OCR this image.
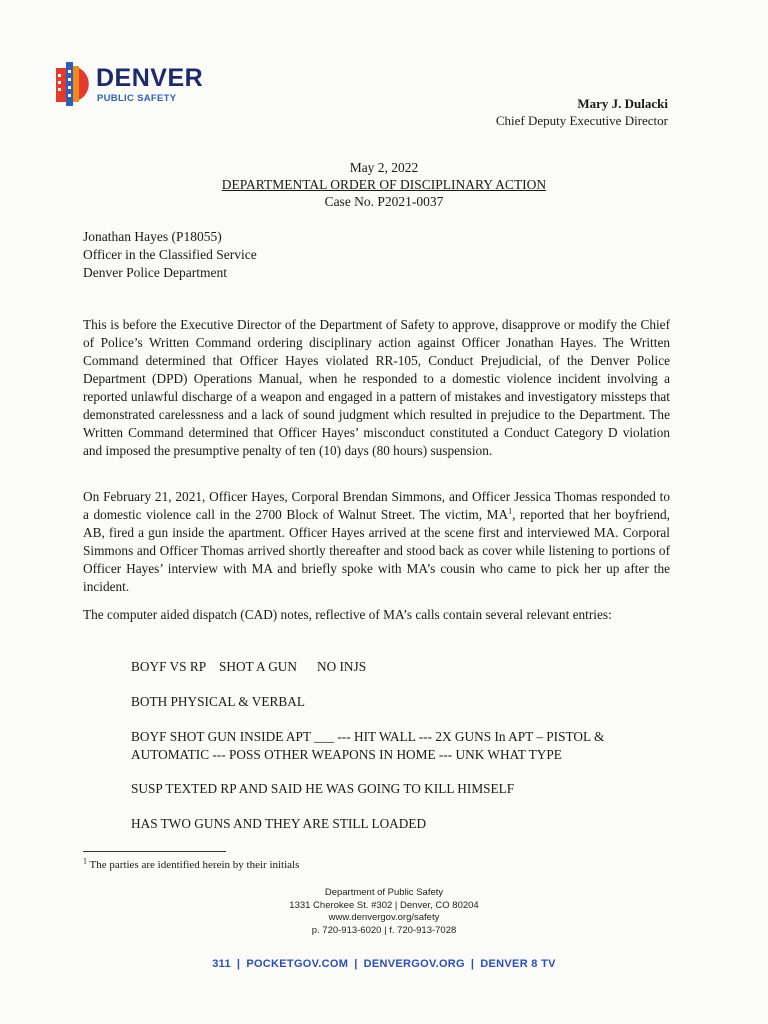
DENVER
PUBLIC SAFETY	Mary J. Dulacki
Chief Deputy Executive Director
May 2, 2022
DEPARTMENTAL ORDER OF DISCIPLINARY ACTION
Case No. P2021-0037
Jonathan Hayes (P18055)
Officer in the Classified Service
Denver Police Department

This is before the Executive Director of the Department of Safety to approve, disapprove or modify the Chief of Police’s Written Command ordering disciplinary action against Officer Jonathan Hayes. The Written Command determined that Officer Hayes violated RR-105, Conduct Prejudicial, of the Denver Police Department (DPD) Operations Manual, when he responded to a domestic violence incident involving a reported unlawful discharge of a weapon and engaged in a pattern of mistakes and investigatory missteps that demonstrated carelessness and a lack of sound judgment which resulted in prejudice to the Department. The Written Command determined that Officer Hayes’ misconduct constituted a Conduct Category D violation and imposed the presumptive penalty of ten (10) days (80 hours) suspension.

On February 21, 2021, Officer Hayes, Corporal Brendan Simmons, and Officer Jessica Thomas responded to a domestic violence call in the 2700 Block of Walnut Street. The victim, $MA^1$, reported that her boyfriend, AB, fired a gun inside the apartment. Officer Hayes arrived at the scene first and interviewed MA. Corporal Simmons and Officer Thomas arrived shortly thereafter and stood back as cover while listening to portions of Officer Hayes’ interview with MA and briefly spoke with MA’s cousin who came to pick her up after the incident.

The computer aided dispatch (CAD) notes, reflective of MA’s calls contain several relevant entries:

BOYF VS RP    SHOT A GUN      NO INJS
BOTH PHYSICAL & VERBAL
BOYF SHOT GUN INSIDE APT ___ --- HIT WALL --- 2X GUNS In APT – PISTOL & AUTOMATIC --- POSS OTHER WEAPONS IN HOME --- UNK WHAT TYPE
SUSP TEXTED RP AND SAID HE WAS GOING TO KILL HIMSELF
HAS TWO GUNS AND THEY ARE STILL LOADED
$^1$ The parties are identified herein by their initials
Department of Public Safety
1331 Cherokee St. #302 | Denver, CO 80204
www.denvergov.org/safety
p. 720-913-6020 | f. 720-913-7028
311 | POCKETGOV.COM | DENVERGOV.ORG | DENVER 8 TV
